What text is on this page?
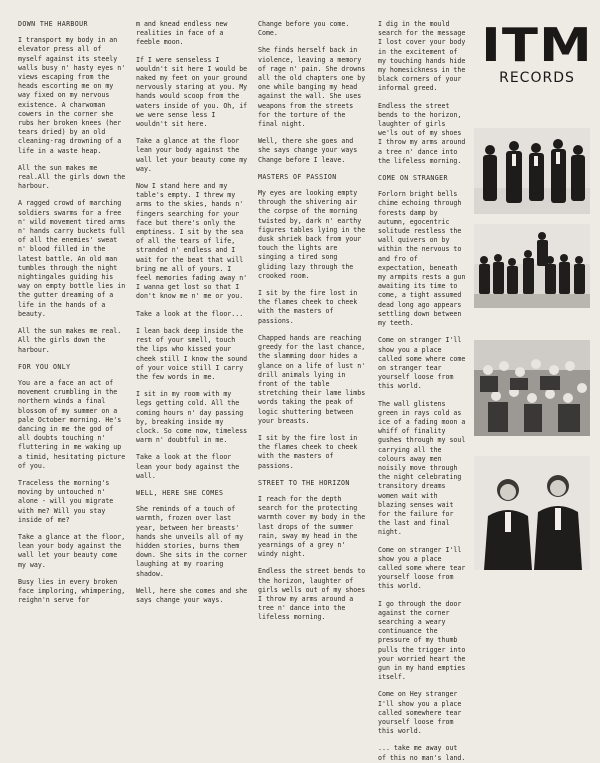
DOWN THE HARBOUR
I transport my body in an elevator press all of myself against its steely walls busy n' hasty eyes n' views escaping from the heads escorting me on my way fixed on my nervous existence. A charwoman cowers in the corner she rubs her broken knees (her tears dried) by an old cleaning-rag drowning of a life in a waste heap.
All the sun makes me real.All the girls down the harbour.
A ragged crowd of marching soldiers swarms for a free n' wild movement tired arms n' hands carry buckets full of all the enemies' sweat n' blood filled in the latest battle. An old man tumbles through the night nightingales guiding his way on empty bottle lies in the gutter dreaming of a life in the hands of a beauty.
All the sun makes me real. All the girls down the harbour.
FOR YOU ONLY
You are a face an act of movement crumbling in the northern winds a final blossom of my summer on a pale October morning. He's dancing in me the god of all doubts touching n' fluttering in me waking up a timid, hesitating picture of you.
Traceless the morning's moving by untouched n' alone - will you migrate with me? Will you stay inside of me?
Take a glance at the floor, lean your body against the wall let your beauty come my way.
Busy lies in every broken face imploring, whimpering, reighn'n serve for
m and knead endless new realities in face of a feeble moon.
If I were senseless I wouldn't sit here I would be naked my feet on your ground nervously staring at you. My hands would scoop from the waters inside of you. Oh, if we were sense less I wouldn't sit here.
Take a glance at the floor lean your body against the wall let your beauty come my way.
Now I stand here and my table's empty. I threw my arms to the skies, hands n' fingers searching for your face but there's only the emptiness. I sit by the sea of all the tears of life, stranded n' endless and I wait for the beat that will bring me all of yours. I feel memories fading away n' I wanna get lost so that I don't know me n' me or you.
Take a look at the floor...
I lean back deep inside the rest of your smell, touch the lips who kissed your cheek still I know the sound of your voice still I carry the few words in me.
I sit in my room with my legs getting cold. All the coming hours n' day passing by, breaking inside my clock. So come now, timeless warm n' doubtful in me.
Take a look at the floor lean your body against the wall.
WELL, HERE SHE COMES
She reminds of a touch of warmth, frozen over last year, between her breasts' hands she unveils all of my hidden stories, burns them down. She sits in the corner laughing at my roaring shadow.
Well, here she comes and she says change your ways.
Change before you come. Come.
She finds herself back in violence, leaving a memory of rage n' pain. She drowns all the old chapters one by one while banging my head against the wall. She uses weapons from the streets for the torture of the final night.
Well, there she goes and she says change your ways Change before I leave.
MASTERS OF PASSION
My eyes are looking empty through the shivering air the corpse of the morning twisted by, dark n' earthy figures tables lying in the dusk shriek back from your touch the lights are singing a tired song gliding lazy through the crooked room.
I sit by the fire lost in the flames cheek to cheek with the masters of passions.
Chapped hands are reaching greedy for the last chance, the slamming door hides a glance on a life of lust n' drill animals lying in front of the table stretching their lame limbs words taking the peak of logic shuttering between your breasts.
I sit by the fire lost in the flames cheek to cheek with the masters of passions.
STREET TO THE HORIZON
I reach for the depth search for the protecting warmth cover my body in the last drops of the summer rain, sway my head in the yearnings of a grey n' windy night.
Endless the street bends to the horizon, laughter of girls wells out of my shoes I throw my arms around a tree n' dance into the lifeless morning.
I dig in the mould search for the message I lost cover your body in the excitement of my touching hands hide my homesickness in the black corners of your informal greed.
Endless the street bends to the horizon, laughter of girls we'ls out of my shoes I throw my arms around a tree n' dance into the lifeless morning.
COME ON STRANGER
Forlorn bright bells chime echoing through forests damp by autumn, egocentric solitude restless the wall quivers on by within the nervous to and fro of expectation, beneath my armpits rests a gun awaiting its time to come, a tight assumed dead long ago appears settling down between my teeth.
Come on stranger I'll show you a place called some where come on stranger tear yourself loose from this world.
The wall glistens green in rays cold as ice of a fading moon a whiff of finality gushes through my soul carrying all the colours away men noisily move through the night celebrating transitory dreams women wait with blazing senses wait for the failure for the last and final night.
Come on stranger I'll show you a place called some where tear yourself loose from this world.
I go through the door against the corner searching a weary continuance the pressure of my thumb pulls the trigger into your worried heart the gun in my hand empties itself.
Come on Hey stranger I'll show you a place called somewhere tear yourself loose from this world.
... take me away out of this no man's land.
ITM
RECORDS
